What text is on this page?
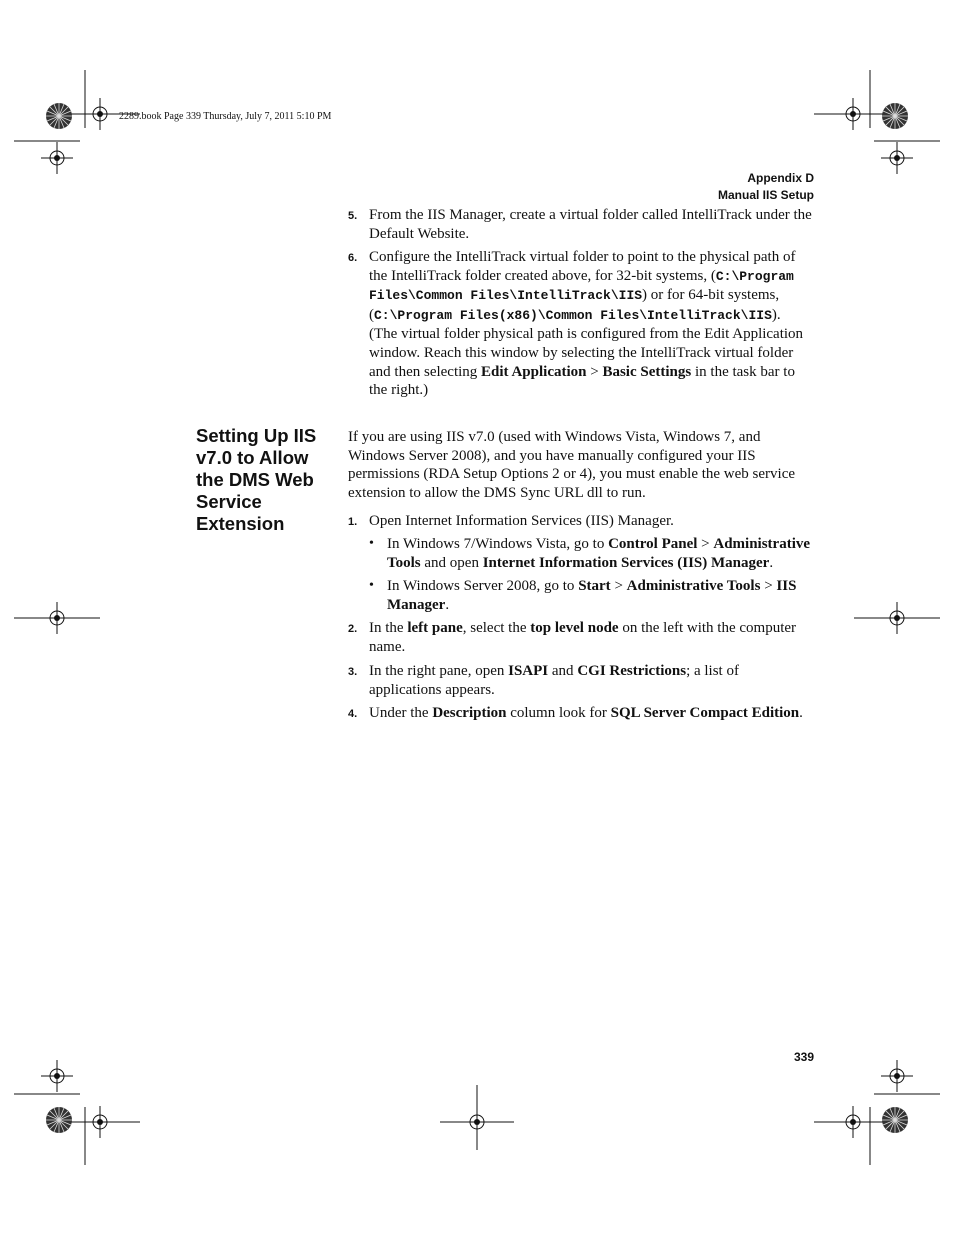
2289.book Page 339 Thursday, July 7, 2011 5:10 PM
Appendix D
Manual IIS Setup
5. From the IIS Manager, create a virtual folder called IntelliTrack under the Default Website.
6. Configure the IntelliTrack virtual folder to point to the physical path of the IntelliTrack folder created above, for 32-bit systems, (C:\Program Files\Common Files\IntelliTrack\IIS) or for 64-bit systems, (C:\Program Files(x86)\Common Files\IntelliTrack\IIS). (The virtual folder physical path is configured from the Edit Application window. Reach this window by selecting the IntelliTrack virtual folder and then selecting Edit Application > Basic Settings in the task bar to the right.)
Setting Up IIS v7.0 to Allow the DMS Web Service Extension
If you are using IIS v7.0 (used with Windows Vista, Windows 7, and Windows Server 2008), and you have manually configured your IIS permissions (RDA Setup Options 2 or 4), you must enable the web service extension to allow the DMS Sync URL dll to run.
1. Open Internet Information Services (IIS) Manager.
• In Windows 7/Windows Vista, go to Control Panel > Administrative Tools and open Internet Information Services (IIS) Manager.
• In Windows Server 2008, go to Start > Administrative Tools > IIS Manager.
2. In the left pane, select the top level node on the left with the computer name.
3. In the right pane, open ISAPI and CGI Restrictions; a list of applications appears.
4. Under the Description column look for SQL Server Compact Edition.
339
